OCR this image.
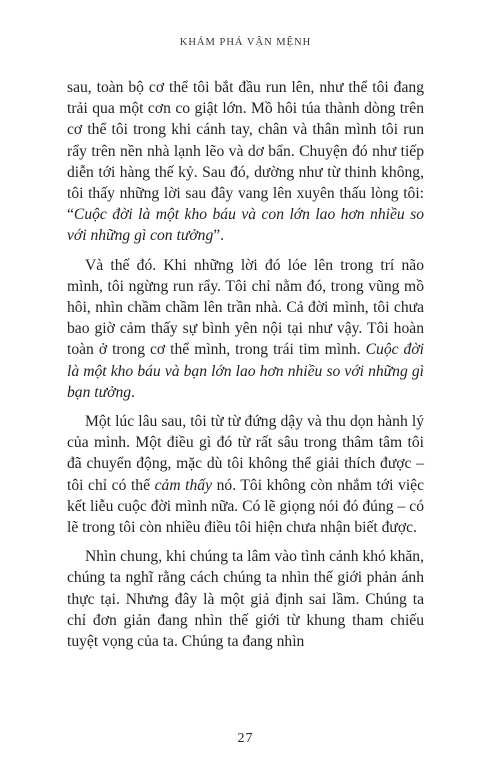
KHÁM PHÁ VẬN MỆNH

sau, toàn bộ cơ thể tôi bắt đầu run lên, như thể tôi đang trải qua một cơn co giật lớn. Mồ hôi túa thành dòng trên cơ thể tôi trong khi cánh tay, chân và thân mình tôi run rẩy trên nền nhà lạnh lẽo và dơ bẩn. Chuyện đó như tiếp diễn tới hàng thế kỷ. Sau đó, dường như từ thinh không, tôi thấy những lời sau đây vang lên xuyên thấu lòng tôi: “Cuộc đời là một kho báu và con lớn lao hơn nhiều so với những gì con tưởng”.

Và thế đó. Khi những lời đó lóe lên trong trí não mình, tôi ngừng run rẩy. Tôi chỉ nằm đó, trong vũng mồ hôi, nhìn chầm chầm lên trần nhà. Cả đời mình, tôi chưa bao giờ cảm thấy sự bình yên nội tại như vậy. Tôi hoàn toàn ở trong cơ thể mình, trong trái tim mình. Cuộc đời là một kho báu và bạn lớn lao hơn nhiều so với những gì bạn tưởng.

Một lúc lâu sau, tôi từ từ đứng dậy và thu dọn hành lý của mình. Một điều gì đó từ rất sâu trong thâm tâm tôi đã chuyển động, mặc dù tôi không thể giải thích được – tôi chỉ có thể cảm thấy nó. Tôi không còn nhắm tới việc kết liễu cuộc đời mình nữa. Có lẽ giọng nói đó đúng – có lẽ trong tôi còn nhiều điều tôi hiện chưa nhận biết được.

Nhìn chung, khi chúng ta lâm vào tình cảnh khó khăn, chúng ta nghĩ rằng cách chúng ta nhìn thế giới phản ánh thực tại. Nhưng đây là một giả định sai lầm. Chúng ta chỉ đơn giản đang nhìn thế giới từ khung tham chiếu tuyệt vọng của ta. Chúng ta đang nhìn

27
